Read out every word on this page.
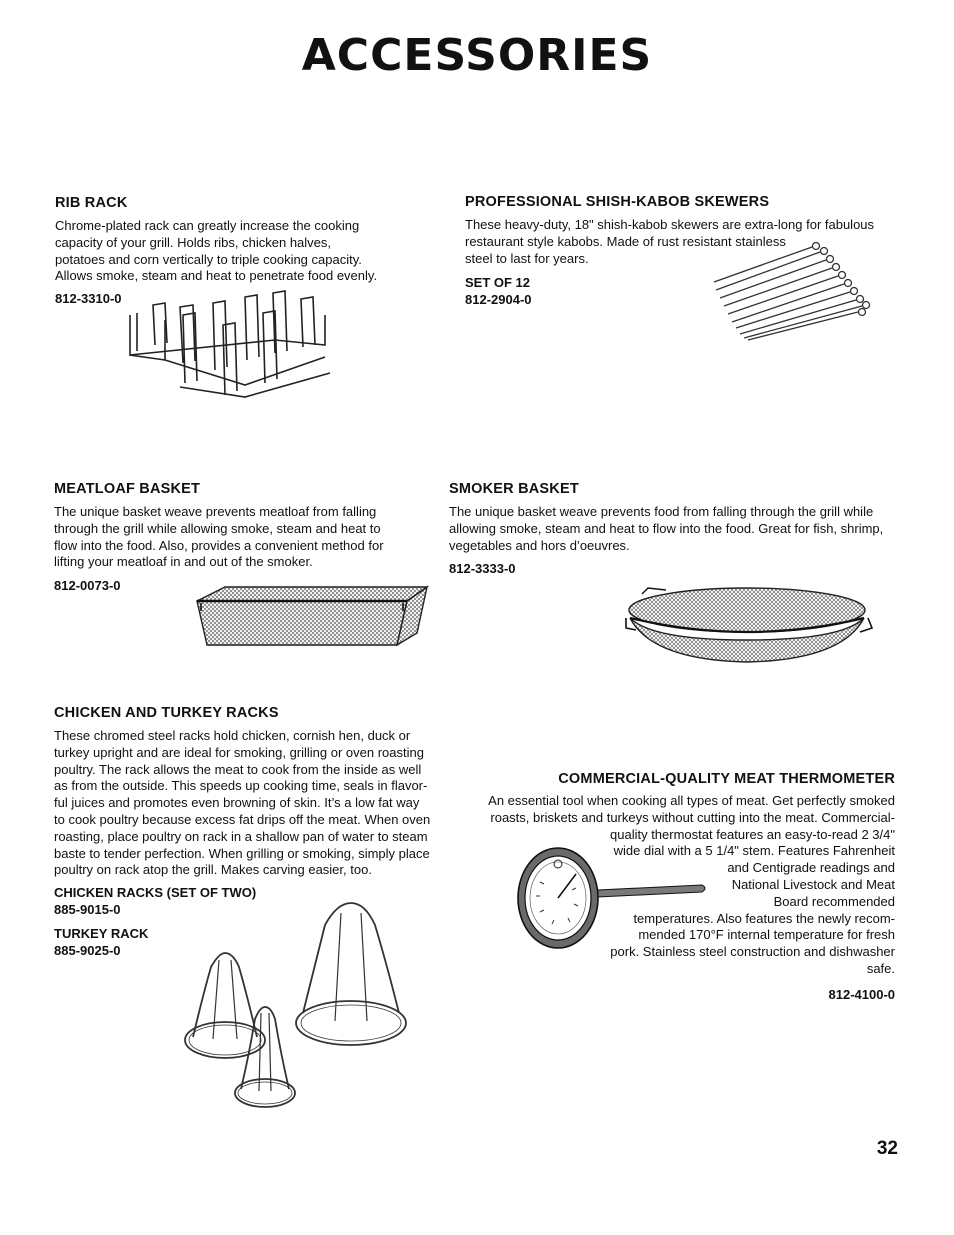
ACCESSORIES
RIB RACK

Chrome-plated rack can greatly increase the cooking
capacity of your grill. Holds ribs, chicken halves,
potatoes and corn vertically to triple cooking capacity.
Allows smoke, steam and heat to penetrate food evenly.

812-3310-0
PROFESSIONAL SHISH-KABOB SKEWERS

These heavy-duty, 18" shish-kabob skewers are extra-long for fabulous
restaurant style kabobs. Made of rust resistant stainless
steel to last for years.

SET OF 12
812-2904-0
MEATLOAF BASKET

The unique basket weave prevents meatloaf from falling
through the grill while allowing smoke, steam and heat to
flow into the food. Also, provides a convenient method for
lifting your meatloaf in and out of the smoker.

812-0073-0
SMOKER BASKET

The unique basket weave prevents food from falling through the grill while
allowing smoke, steam and heat to flow into the food. Great for fish, shrimp,
vegetables and hors d’oeuvres.

812-3333-0
CHICKEN AND TURKEY RACKS

These chromed steel racks hold chicken, cornish hen, duck or
turkey upright and are ideal for smoking, grilling or oven roasting
poultry. The rack allows the meat to cook from the inside as well
as from the outside. This speeds up cooking time, seals in flavor-
ful juices and promotes even browning of skin. It’s a low fat way
to cook poultry because excess fat drips off the meat. When oven
roasting, place poultry on rack in a shallow pan of water to steam
baste to tender perfection. When grilling or smoking, simply place
poultry on rack atop the grill. Makes carving easier, too.

CHICKEN RACKS (SET OF TWO)
885-9015-0
TURKEY RACK
885-9025-0
COMMERCIAL-QUALITY MEAT THERMOMETER
An essential tool when cooking all types of meat. Get perfectly smoked
roasts, briskets and turkeys without cutting into the meat. Commercial-
quality thermostat features an easy-to-read 2 3/4"
wide dial with a 5 1/4" stem. Features Fahrenheit
and Centigrade readings and
National Livestock and Meat
Board recommended
temperatures. Also features the newly recom-
mended 170°F internal temperature for fresh
pork. Stainless steel construction and dishwasher
safe.
812-4100-0
32
